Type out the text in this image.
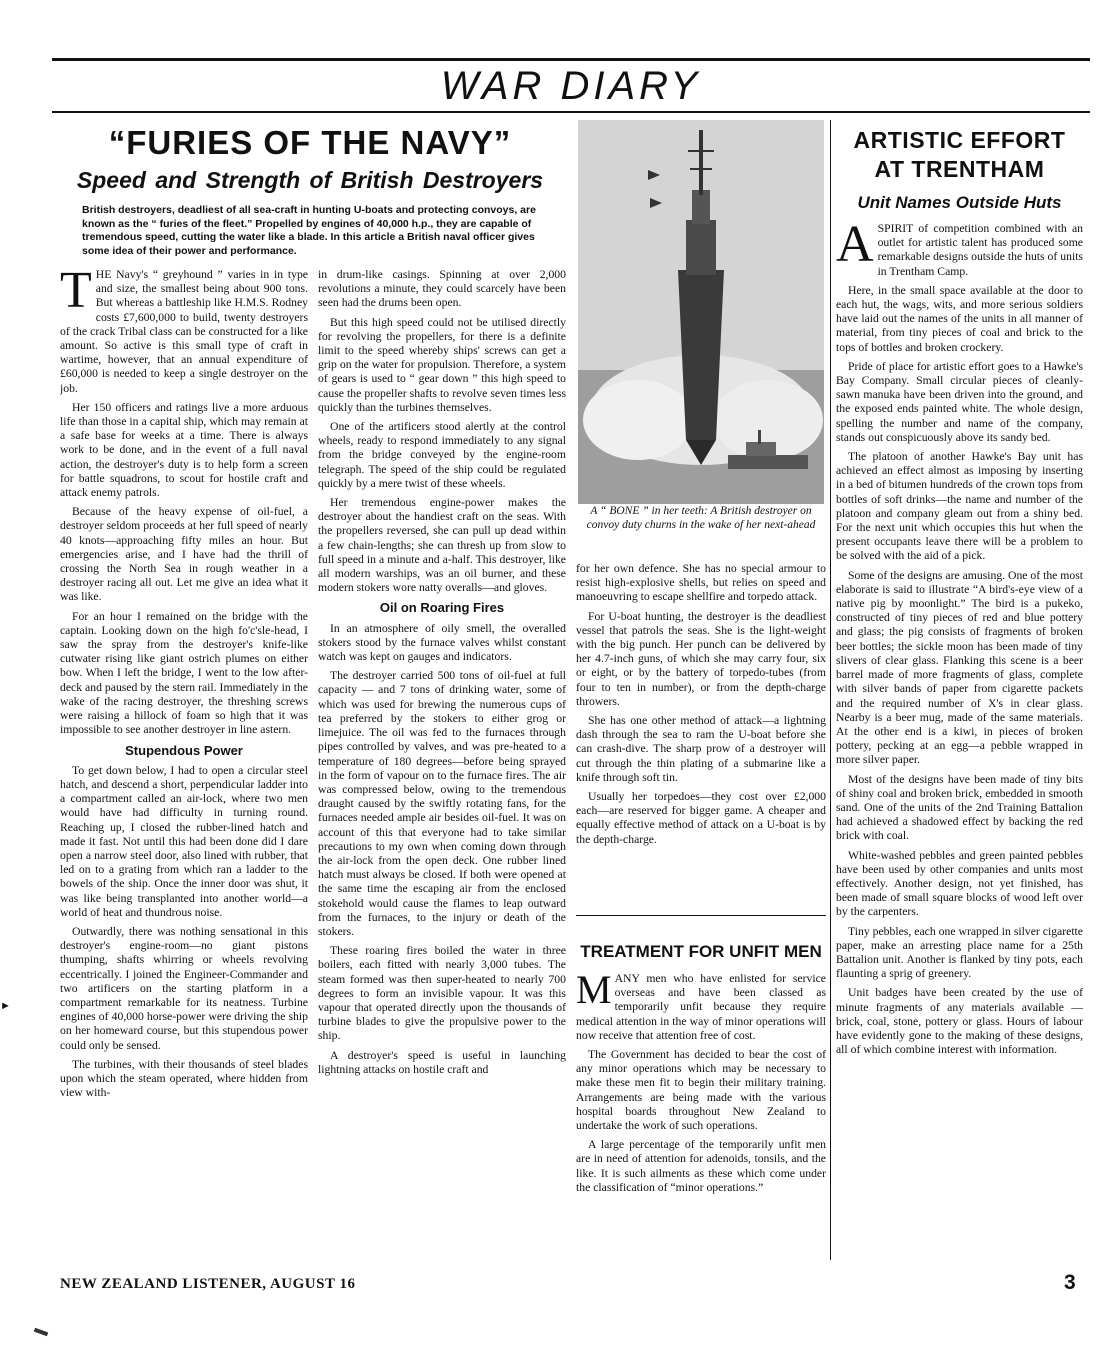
WAR DIARY
“FURIES OF THE NAVY”
Speed and Strength of British Destroyers
British destroyers, deadliest of all sea-craft in hunting U-boats and protecting convoys, are known as the “ furies of the fleet.” Propelled by engines of 40,000 h.p., they are capable of tremendous speed, cutting the water like a blade. In this article a British naval officer gives some idea of their power and performance.

THE Navy's “ greyhound ” varies in in type and size, the smallest being about 900 tons. But whereas a battleship like H.M.S. Rodney costs £7,600,000 to build, twenty destroyers of the crack Tribal class can be constructed for a like amount. So active is this small type of craft in wartime, however, that an annual expenditure of £60,000 is needed to keep a single destroyer on the job.

Her 150 officers and ratings live a more arduous life than those in a capital ship, which may remain at a safe base for weeks at a time. There is always work to be done, and in the event of a full naval action, the destroyer's duty is to help form a screen for battle squadrons, to scout for hostile craft and attack enemy patrols.

Because of the heavy expense of oil-fuel, a destroyer seldom proceeds at her full speed of nearly 40 knots—approaching fifty miles an hour. But emergencies arise, and I have had the thrill of crossing the North Sea in rough weather in a destroyer racing all out. Let me give an idea what it was like.

For an hour I remained on the bridge with the captain. Looking down on the high fo'c'sle-head, I saw the spray from the destroyer's knife-like cutwater rising like giant ostrich plumes on either bow. When I left the bridge, I went to the low after-deck and paused by the stern rail. Immediately in the wake of the racing destroyer, the threshing screws were raising a hillock of foam so high that it was impossible to see another destroyer in line astern.

Stupendous Power

To get down below, I had to open a circular steel hatch, and descend a short, perpendicular ladder into a compartment called an air-lock, where two men would have had difficulty in turning round. Reaching up, I closed the rubber-lined hatch and made it fast. Not until this had been done did I dare open a narrow steel door, also lined with rubber, that led on to a grating from which ran a ladder to the bowels of the ship. Once the inner door was shut, it was like being transplanted into another world—a world of heat and thundrous noise.

Outwardly, there was nothing sensational in this destroyer's engine-room—no giant pistons thumping, shafts whirring or wheels revolving eccentrically. I joined the Engineer-Commander and two artificers on the starting platform in a compartment remarkable for its neatness. Turbine engines of 40,000 horse-power were driving the ship on her homeward course, but this stupendous power could only be sensed.

The turbines, with their thousands of steel blades upon which the steam operated, where hidden from view with-

in drum-like casings. Spinning at over 2,000 revolutions a minute, they could scarcely have been seen had the drums been open.

But this high speed could not be utilised directly for revolving the propellers, for there is a definite limit to the speed whereby ships' screws can get a grip on the water for propulsion. Therefore, a system of gears is used to “ gear down ” this high speed to cause the propeller shafts to revolve seven times less quickly than the turbines themselves.

One of the artificers stood alertly at the control wheels, ready to respond immediately to any signal from the bridge conveyed by the engine-room telegraph. The speed of the ship could be regulated quickly by a mere twist of these wheels.

Her tremendous engine-power makes the destroyer about the handiest craft on the seas. With the propellers reversed, she can pull up dead within a few chain-lengths; she can thresh up from slow to full speed in a minute and a-half. This destroyer, like all modern warships, was an oil burner, and these modern stokers wore natty overalls—and gloves.

Oil on Roaring Fires

In an atmosphere of oily smell, the overalled stokers stood by the furnace valves whilst constant watch was kept on gauges and indicators.

The destroyer carried 500 tons of oil-fuel at full capacity — and 7 tons of drinking water, some of which was used for brewing the numerous cups of tea preferred by the stokers to either grog or limejuice. The oil was fed to the furnaces through pipes controlled by valves, and was pre-heated to a temperature of 180 degrees—before being sprayed in the form of vapour on to the furnace fires. The air was compressed below, owing to the tremendous draught caused by the swiftly rotating fans, for the furnaces needed ample air besides oil-fuel. It was on account of this that everyone had to take similar precautions to my own when coming down through the air-lock from the open deck. One rubber lined hatch must always be closed. If both were opened at the same time the escaping air from the enclosed stokehold would cause the flames to leap outward from the furnaces, to the injury or death of the stokers.

These roaring fires boiled the water in three boilers, each fitted with nearly 3,000 tubes. The steam formed was then super-heated to nearly 700 degrees to form an invisible vapour. It was this vapour that operated directly upon the thousands of turbine blades to give the propulsive power to the ship.

A destroyer's speed is useful in launching lightning attacks on hostile craft and

A “ BONE ” in her teeth: A British destroyer on convoy duty churns in the wake of her next-ahead

for her own defence. She has no special armour to resist high-explosive shells, but relies on speed and manoeuvring to escape shellfire and torpedo attack.

For U-boat hunting, the destroyer is the deadliest vessel that patrols the seas. She is the light-weight with the big punch. Her punch can be delivered by her 4.7-inch guns, of which she may carry four, six or eight, or by the battery of torpedo-tubes (from four to ten in number), or from the depth-charge throwers.

She has one other method of attack—a lightning dash through the sea to ram the U-boat before she can crash-dive. The sharp prow of a destroyer will cut through the thin plating of a submarine like a knife through soft tin.

Usually her torpedoes—they cost over £2,000 each—are reserved for bigger game. A cheaper and equally effective method of attack on a U-boat is by the depth-charge.

TREATMENT FOR UNFIT MEN

MANY men who have enlisted for service overseas and have been classed as temporarily unfit because they require medical attention in the way of minor operations will now receive that attention free of cost.

The Government has decided to bear the cost of any minor operations which may be necessary to make these men fit to begin their military training. Arrangements are being made with the various hospital boards throughout New Zealand to undertake the work of such operations.

A large percentage of the temporarily unfit men are in need of attention for adenoids, tonsils, and the like. It is such ailments as these which come under the classification of “minor operations.”

ARTISTIC EFFORT AT TRENTHAM
Unit Names Outside Huts

ASPIRIT of competition combined with an outlet for artistic talent has produced some remarkable designs outside the huts of units in Trentham Camp.

Here, in the small space available at the door to each hut, the wags, wits, and more serious soldiers have laid out the names of the units in all manner of material, from tiny pieces of coal and brick to the tops of bottles and broken crockery.

Pride of place for artistic effort goes to a Hawke's Bay Company. Small circular pieces of cleanly-sawn manuka have been driven into the ground, and the exposed ends painted white. The whole design, spelling the number and name of the company, stands out conspicuously above its sandy bed.

The platoon of another Hawke's Bay unit has achieved an effect almost as imposing by inserting in a bed of bitumen hundreds of the crown tops from bottles of soft drinks—the name and number of the platoon and company gleam out from a shiny bed. For the next unit which occupies this hut when the present occupants leave there will be a problem to be solved with the aid of a pick.

Some of the designs are amusing. One of the most elaborate is said to illustrate “A bird's-eye view of a native pig by moonlight.” The bird is a pukeko, constructed of tiny pieces of red and blue pottery and glass; the pig consists of fragments of broken beer bottles; the sickle moon has been made of tiny slivers of clear glass. Flanking this scene is a beer barrel made of more fragments of glass, complete with silver bands of paper from cigarette packets and the required number of X's in clear glass. Nearby is a beer mug, made of the same materials. At the other end is a kiwi, in pieces of broken pottery, pecking at an egg—a pebble wrapped in more silver paper.

Most of the designs have been made of tiny bits of shiny coal and broken brick, embedded in smooth sand. One of the units of the 2nd Training Battalion had achieved a shadowed effect by backing the red brick with coal.

White-washed pebbles and green painted pebbles have been used by other companies and units most effectively. Another design, not yet finished, has been made of small square blocks of wood left over by the carpenters.

Tiny pebbles, each one wrapped in silver cigarette paper, make an arresting place name for a 25th Battalion unit. Another is flanked by tiny pots, each flaunting a sprig of greenery.

Unit badges have been created by the use of minute fragments of any materials available — brick, coal, stone, pottery or glass. Hours of labour have evidently gone to the making of these designs, all of which combine interest with information.

NEW ZEALAND LISTENER, AUGUST 16	3
►
